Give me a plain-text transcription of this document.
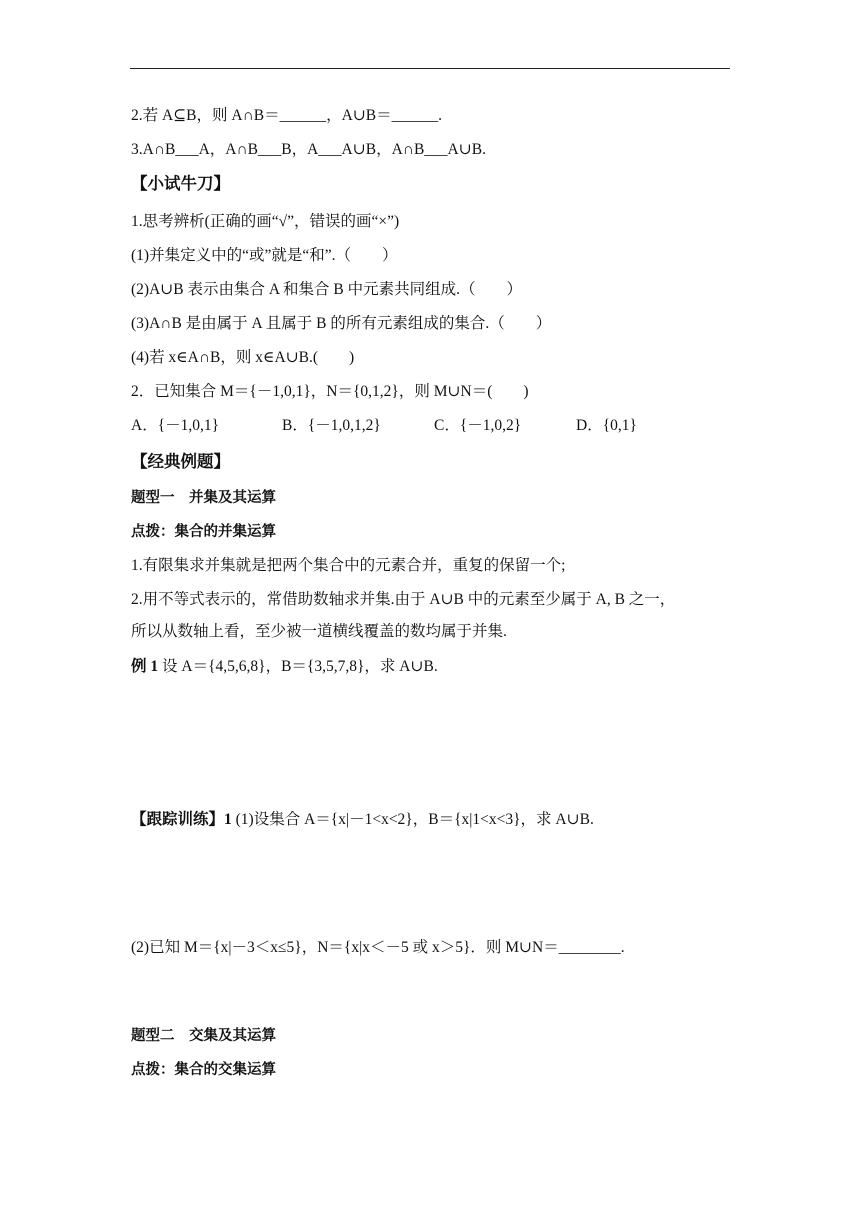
2.若 A⊆B，则 A∩B＝______，A∪B＝______.
3.A∩B___A，A∩B___B，A___A∪B，A∩B___A∪B.
【小试牛刀】
1.思考辨析(正确的画“√”，错误的画“×”)
(1)并集定义中的“或”就是“和”.（　　）
(2)A∪B 表示由集合 A 和集合 B 中元素共同组成.（　　）
(3)A∩B 是由属于 A 且属于 B 的所有元素组成的集合.（　　）
(4)若 x∈A∩B，则 x∈A∪B.(　　)
2．已知集合 M＝{－1,0,1}，N＝{0,1,2}，则 M∪N＝(　　)
A．{－1,0,1}	B．{－1,0,1,2}	C．{－1,0,2}	D．{0,1}
【经典例题】
题型一　并集及其运算
点拨：集合的并集运算
1.有限集求并集就是把两个集合中的元素合并，重复的保留一个;
2.用不等式表示的，常借助数轴求并集.由于 A∪B 中的元素至少属于 A, B 之一，
所以从数轴上看，至少被一道横线覆盖的数均属于并集.
例 1 设 A＝{4,5,6,8}，B＝{3,5,7,8}，求 A∪B.
【跟踪训练】1 (1)设集合 A＝{x|－1<x<2}，B＝{x|1<x<3}，求 A∪B.
(2)已知 M＝{x|－3＜x≤5}，N＝{x|x＜－5 或 x＞5}．则 M∪N＝________.
题型二　交集及其运算
点拨：集合的交集运算
